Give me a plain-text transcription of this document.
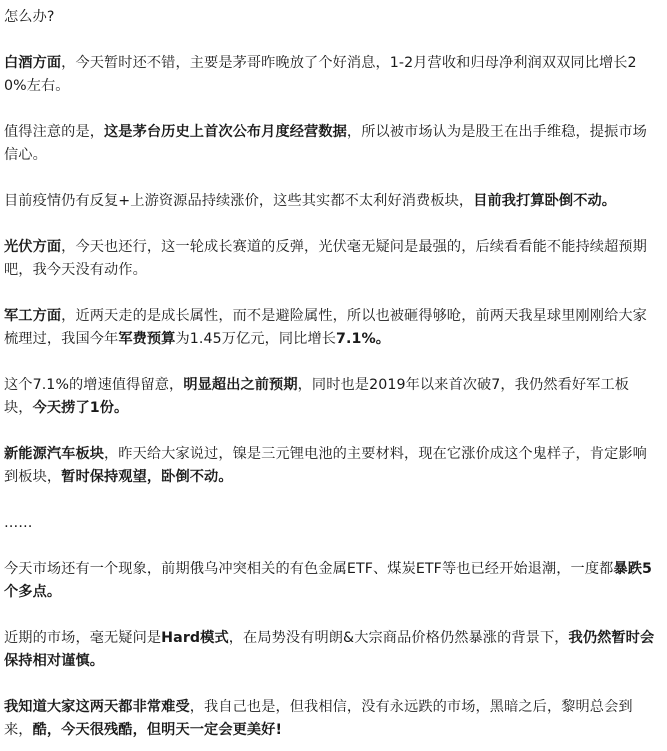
怎么办?

白酒方面，今天暂时还不错，主要是茅哥昨晚放了个好消息，1-2月营收和归母净利润双双同比增长20%左右。

值得注意的是，这是茅台历史上首次公布月度经营数据，所以被市场认为是股王在出手维稳，提振市场信心。

目前疫情仍有反复+上游资源品持续涨价，这些其实都不太利好消费板块，目前我打算卧倒不动。

光伏方面，今天也还行，这一轮成长赛道的反弹，光伏毫无疑问是最强的，后续看看能不能持续超预期吧，我今天没有动作。

军工方面，近两天走的是成长属性，而不是避险属性，所以也被砸得够呛，前两天我星球里刚刚给大家梳理过，我国今年军费预算为1.45万亿元，同比增长7.1%。

这个7.1%的增速值得留意，明显超出之前预期，同时也是2019年以来首次破7，我仍然看好军工板块，今天捞了1份。

新能源汽车板块，昨天给大家说过，镍是三元锂电池的主要材料，现在它涨价成这个鬼样子，肯定影响到板块，暂时保持观望，卧倒不动。

……

今天市场还有一个现象，前期俄乌冲突相关的有色金属ETF、煤炭ETF等也已经开始退潮，一度都暴跌5个多点。

近期的市场，毫无疑问是Hard模式，在局势没有明朗&大宗商品价格仍然暴涨的背景下，我仍然暂时会保持相对谨慎。

我知道大家这两天都非常难受，我自己也是，但我相信，没有永远跌的市场，黑暗之后，黎明总会到来，酷，今天很残酷，但明天一定会更美好!
